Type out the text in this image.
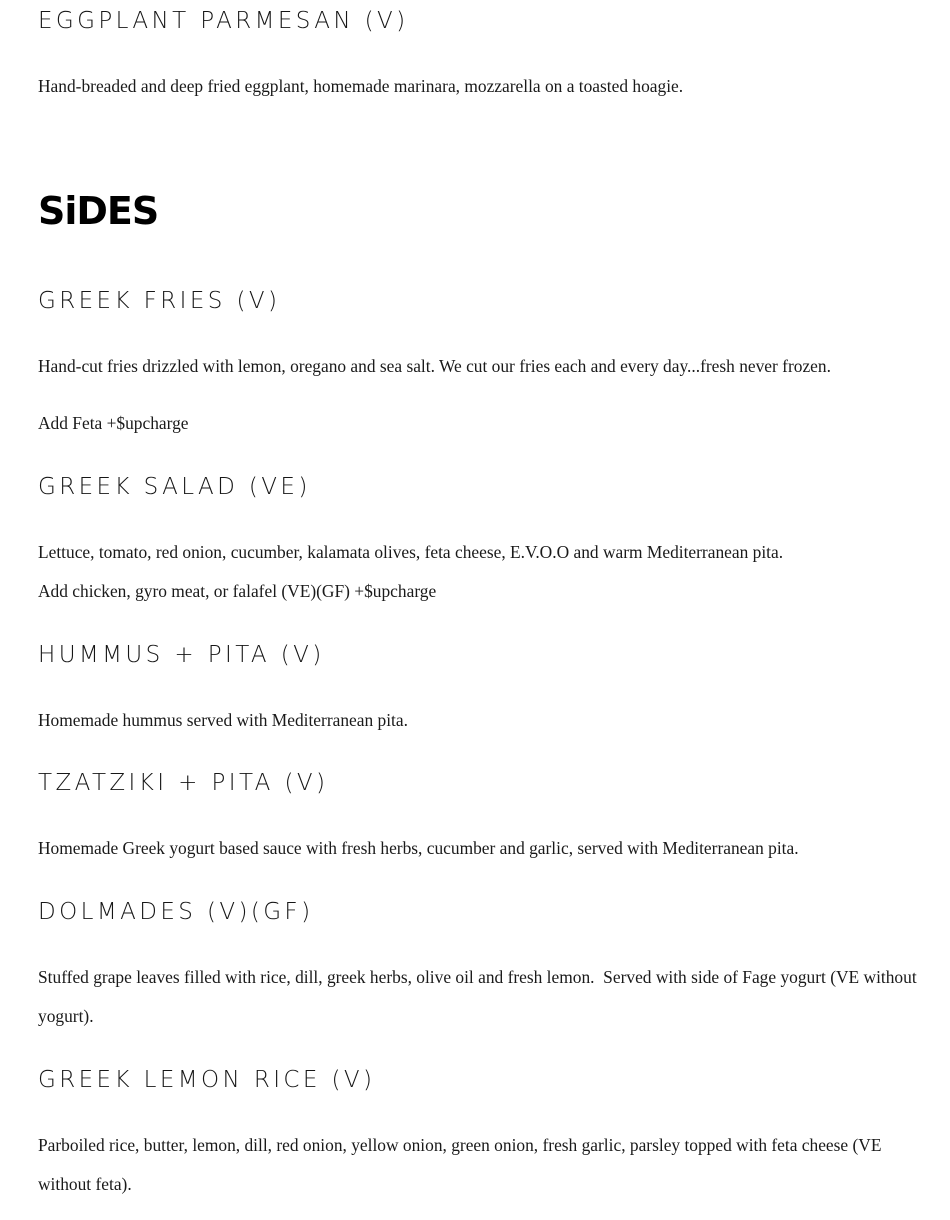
EGGPLANT PARMESAN (V)

Hand-breaded and deep fried eggplant, homemade marinara, mozzarella on a toasted hoagie.

SiDES
GREEK FRIES (V)

Hand-cut fries drizzled with lemon, oregano and sea salt. We cut our fries each and every day...fresh never frozen.

Add Feta +$upcharge

GREEK SALAD (VE)

Lettuce, tomato, red onion, cucumber, kalamata olives, feta cheese, E.V.O.O and warm Mediterranean pita.

Add chicken, gyro meat, or falafel (VE)(GF) +$upcharge

HUMMUS + PITA (V)

Homemade hummus served with Mediterranean pita.

TZATZIKI + PITA (V)

Homemade Greek yogurt based sauce with fresh herbs, cucumber and garlic, served with Mediterranean pita.

DOLMADES (V)(GF)

Stuffed grape leaves filled with rice, dill, greek herbs, olive oil and fresh lemon.  Served with side of Fage yogurt (VE without yogurt).

GREEK LEMON RICE (V)

Parboiled rice, butter, lemon, dill, red onion, yellow onion, green onion, fresh garlic, parsley topped with feta cheese (VE without feta).
